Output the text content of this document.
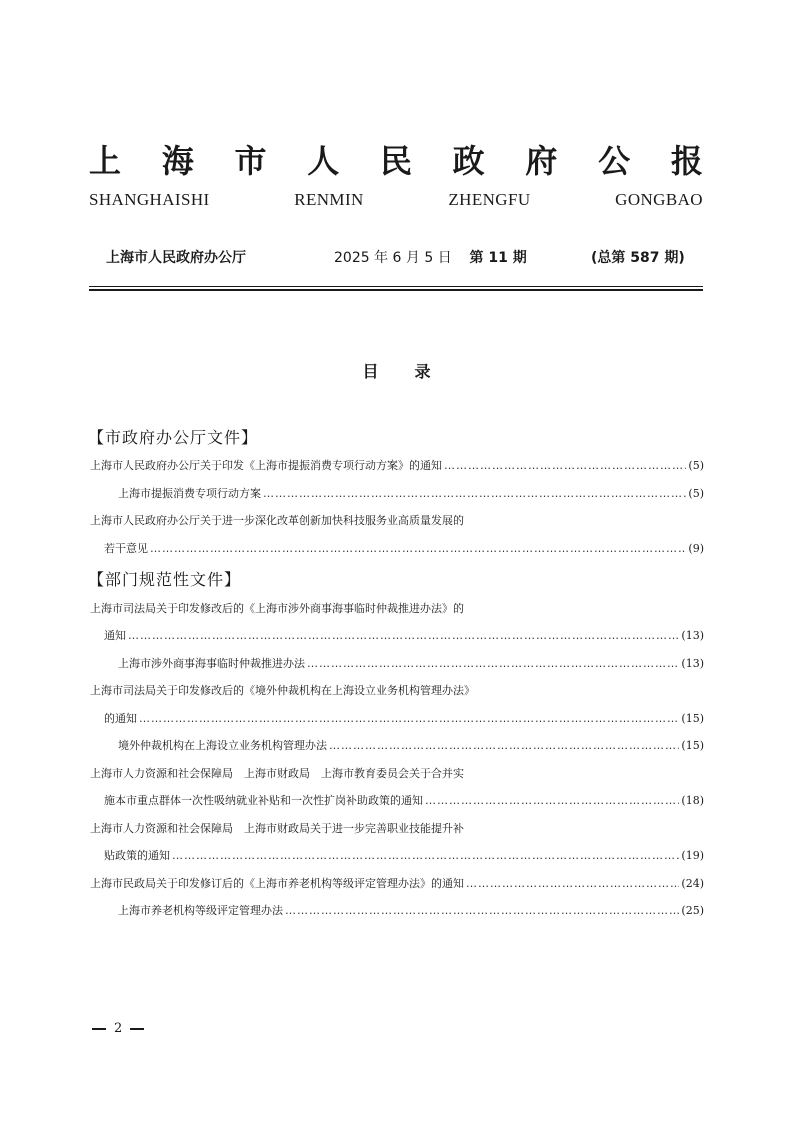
上 海 市 人 民 政 府 公 报
SHANGHAISHI	RENMIN	ZHENGFU	GONGBAO
上海市人民政府办公厅	2025 年 6 月 5 日 第 11 期	(总第 587 期)
目录
【市政府办公厅文件】
上海市人民政府办公厅关于印发《上海市提振消费专项行动方案》的通知 ………………………………………………………………………………………………………………………………………………………………………………………………………………………………	(5)
上海市提振消费专项行动方案 ………………………………………………………………………………………………………………………………………………………………………………………………………………………………	(5)
上海市人民政府办公厅关于进一步深化改革创新加快科技服务业高质量发展的
若干意见 ………………………………………………………………………………………………………………………………………………………………………………………………………………………………	(9)
【部门规范性文件】
上海市司法局关于印发修改后的《上海市涉外商事海事临时仲裁推进办法》的
通知 ………………………………………………………………………………………………………………………………………………………………………………………………………………………………	(13)
上海市涉外商事海事临时仲裁推进办法 ………………………………………………………………………………………………………………………………………………………………………………………………………………………………	(13)
上海市司法局关于印发修改后的《境外仲裁机构在上海设立业务机构管理办法》
的通知 ………………………………………………………………………………………………………………………………………………………………………………………………………………………………	(15)
境外仲裁机构在上海设立业务机构管理办法 ………………………………………………………………………………………………………………………………………………………………………………………………………………………………	(15)
上海市人力资源和社会保障局　上海市财政局　上海市教育委员会关于合并实
施本市重点群体一次性吸纳就业补贴和一次性扩岗补助政策的通知 ………………………………………………………………………………………………………………………………………………………………………………………………………………………………	(18)
上海市人力资源和社会保障局　上海市财政局关于进一步完善职业技能提升补
贴政策的通知 ………………………………………………………………………………………………………………………………………………………………………………………………………………………………	(19)
上海市民政局关于印发修订后的《上海市养老机构等级评定管理办法》的通知 ………………………………………………………………………………………………………………………………………………………………………………………………………………………………	(24)
上海市养老机构等级评定管理办法 ………………………………………………………………………………………………………………………………………………………………………………………………………………………………	(25)
2
